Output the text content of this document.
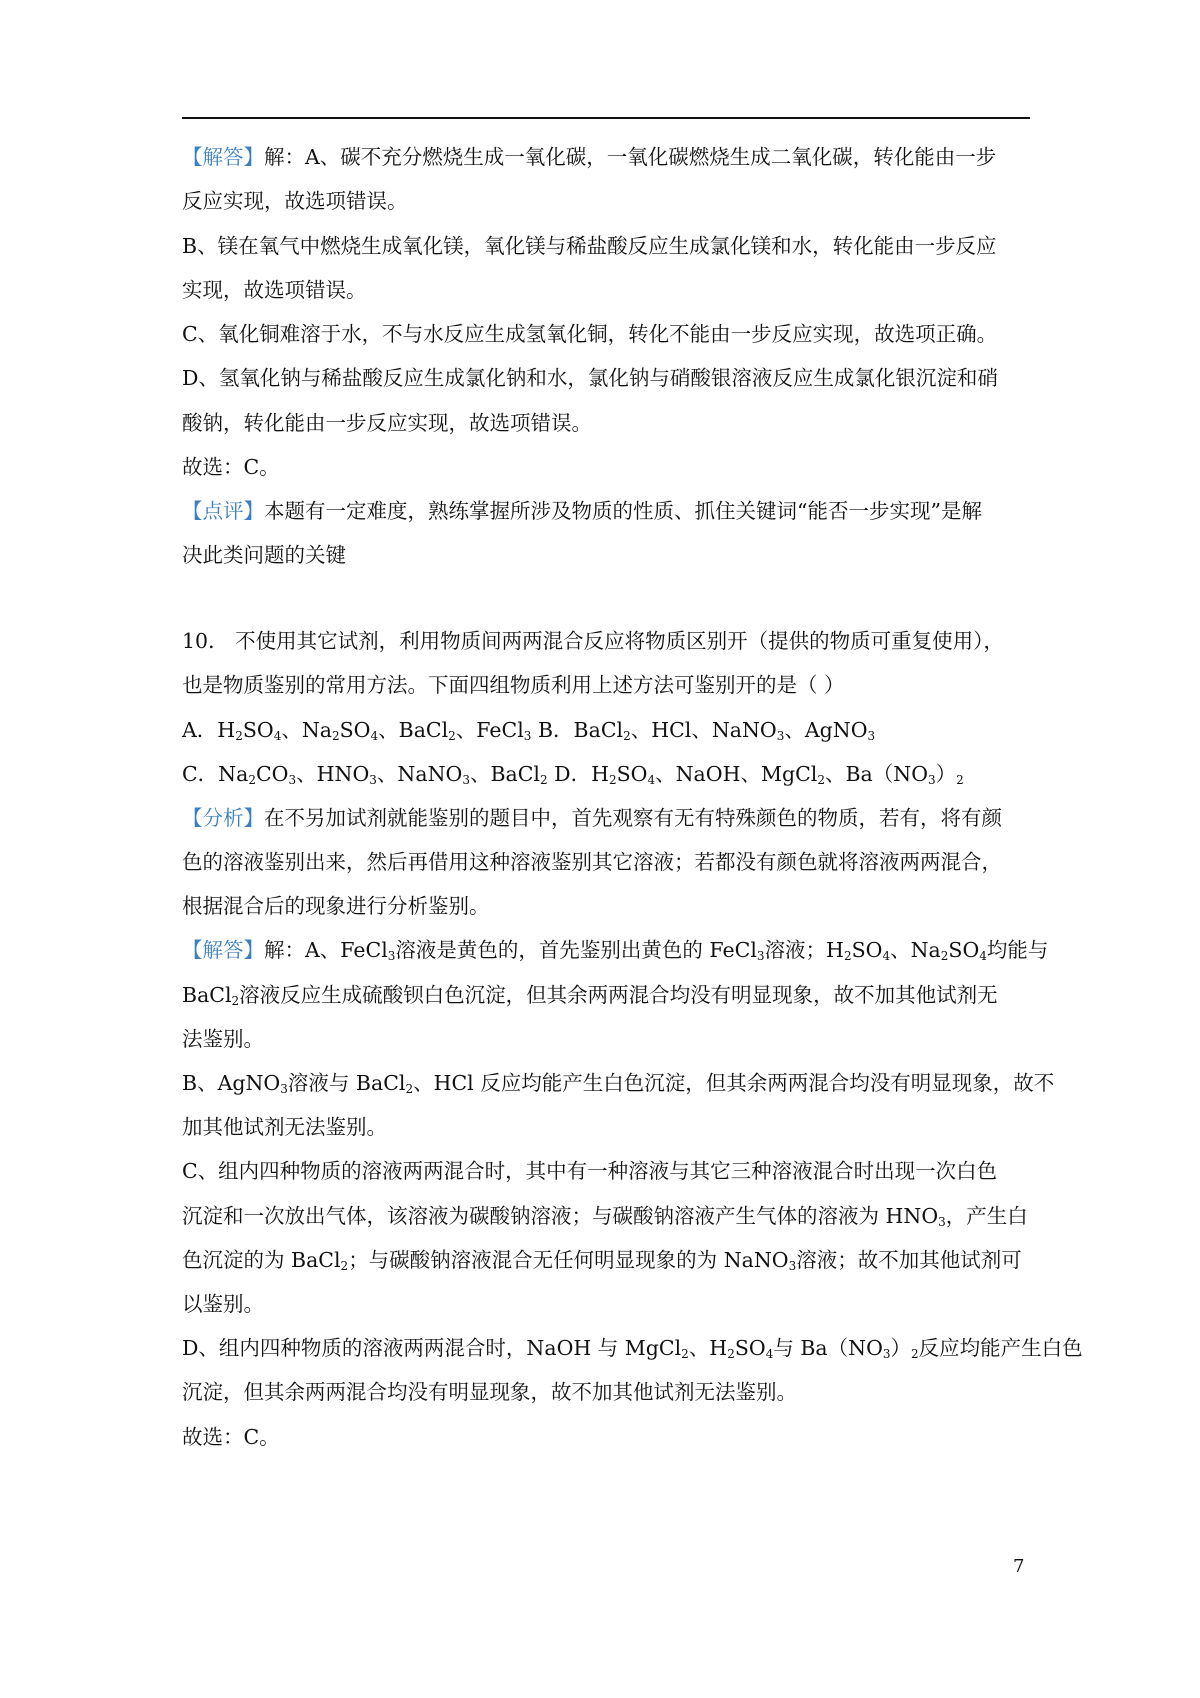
【解答】解：A、碳不充分燃烧生成一氧化碳，一氧化碳燃烧生成二氧化碳，转化能由一步
反应实现，故选项错误。
B、镁在氧气中燃烧生成氧化镁，氧化镁与稀盐酸反应生成氯化镁和水，转化能由一步反应
实现，故选项错误。
C、氧化铜难溶于水，不与水反应生成氢氧化铜，转化不能由一步反应实现，故选项正确。
D、氢氧化钠与稀盐酸反应生成氯化钠和水，氯化钠与硝酸银溶液反应生成氯化银沉淀和硝
酸钠，转化能由一步反应实现，故选项错误。
故选：C。
【点评】本题有一定难度，熟练掌握所涉及物质的性质、抓住关键词“能否一步实现”是解
决此类问题的关键
10． 不使用其它试剂，利用物质间两两混合反应将物质区别开（提供的物质可重复使用），
也是物质鉴别的常用方法。下面四组物质利用上述方法可鉴别开的是（ ）
A．$H_2SO_4$、$Na_2SO_4$、BaCl$_2$、FeCl$_3$ B．BaCl$_2$、HCl、NaNO$_3$、AgNO$_3$
C．$Na_2CO_3$、$HNO_3$、NaNO$_3$、BaCl$_2$ D．$H_2SO_4$、NaOH、MgCl$_2$、$Ba(NO_3)_2$
【分析】在不另加试剂就能鉴别的题目中，首先观察有无有特殊颜色的物质，若有，将有颜
色的溶液鉴别出来，然后再借用这种溶液鉴别其它溶液；若都没有颜色就将溶液两两混合，
根据混合后的现象进行分析鉴别。
【解答】解：A、FeCl$_3$溶液是黄色的，首先鉴别出黄色的 FeCl$_3$溶液；$H_2SO_4$、$Na_2SO_4$均能与
BaCl$_2$溶液反应生成硫酸钡白色沉淀，但其余两两混合均没有明显现象，故不加其他试剂无
法鉴别。
B、AgNO$_3$溶液与 BaCl$_2$、HCl 反应均能产生白色沉淀，但其余两两混合均没有明显现象，故不
加其他试剂无法鉴别。
C、组内四种物质的溶液两两混合时，其中有一种溶液与其它三种溶液混合时出现一次白色
沉淀和一次放出气体，该溶液为碳酸钠溶液；与碳酸钠溶液产生气体的溶液为 $HNO_3$，产生白
色沉淀的为 BaCl$_2$；与碳酸钠溶液混合无任何明显现象的为 NaNO$_3$溶液；故不加其他试剂可
以鉴别。
D、组内四种物质的溶液两两混合时，NaOH 与 MgCl$_2$、$H_2SO_4$与 $Ba(NO_3)_2$反应均能产生白色
沉淀，但其余两两混合均没有明显现象，故不加其他试剂无法鉴别。
故选：C。
7
